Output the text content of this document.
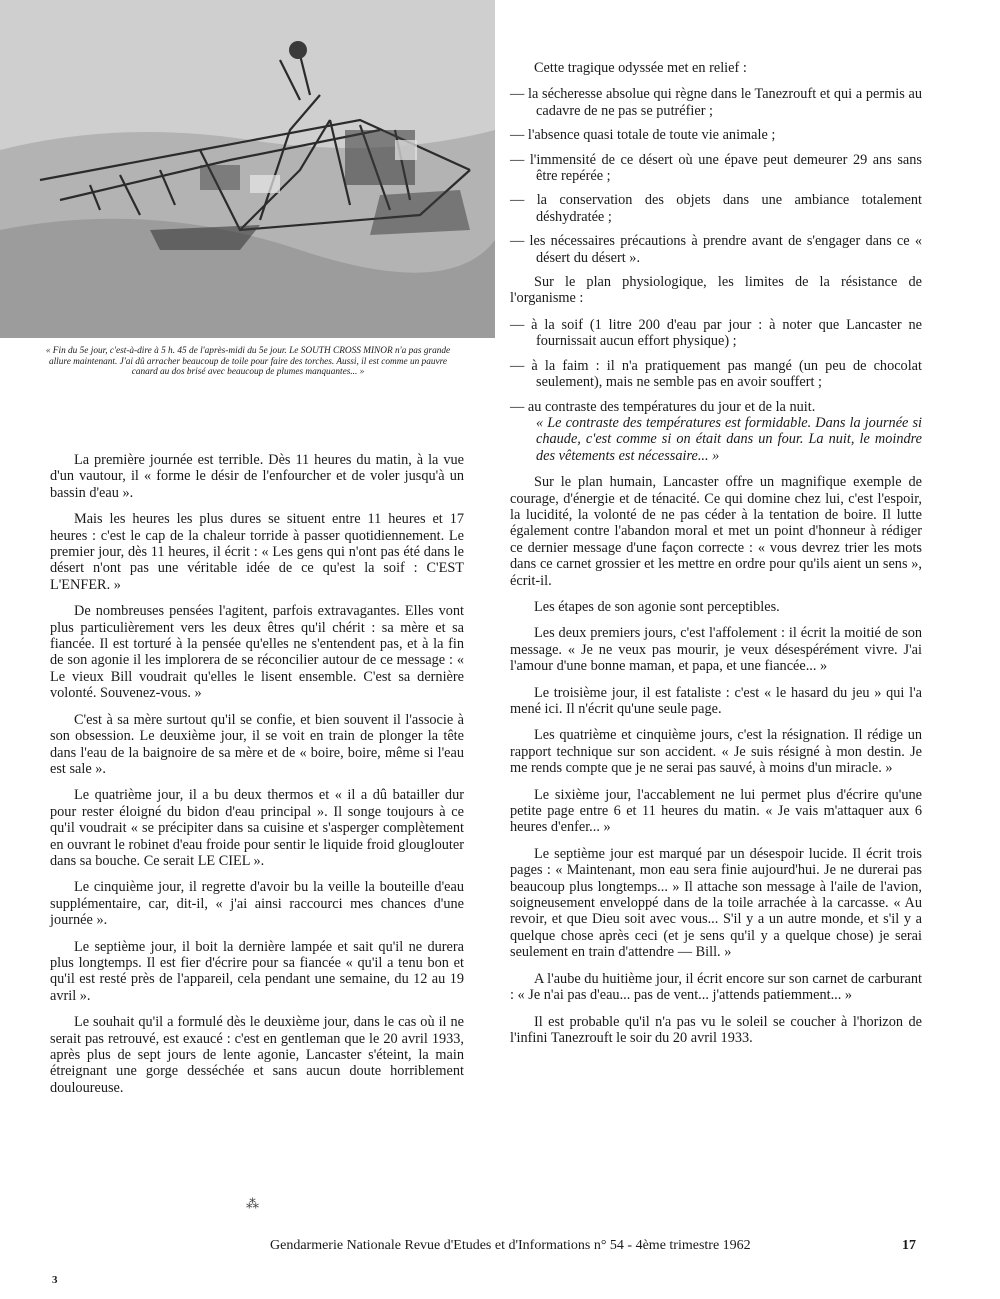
« Fin du 5e jour, c'est-à-dire à 5 h. 45 de l'après-midi du 5e jour. Le SOUTH CROSS MINOR n'a pas grande allure maintenant. J'ai dû arracher beaucoup de toile pour faire des torches. Aussi, il est comme un pauvre canard au dos brisé avec beaucoup de plumes manquantes... »

La première journée est terrible. Dès 11 heures du matin, à la vue d'un vautour, il « forme le désir de l'enfourcher et de voler jusqu'à un bassin d'eau ».

Mais les heures les plus dures se situent entre 11 heures et 17 heures : c'est le cap de la chaleur torride à passer quotidiennement. Le premier jour, dès 11 heures, il écrit : « Les gens qui n'ont pas été dans le désert n'ont pas une véritable idée de ce qu'est la soif : C'EST L'ENFER. »

De nombreuses pensées l'agitent, parfois extravagantes. Elles vont plus particulièrement vers les deux êtres qu'il chérit : sa mère et sa fiancée. Il est torturé à la pensée qu'elles ne s'entendent pas, et à la fin de son agonie il les implorera de se réconcilier autour de ce message : « Le vieux Bill voudrait qu'elles le lisent ensemble. C'est sa dernière volonté. Souvenez-vous. »

C'est à sa mère surtout qu'il se confie, et bien souvent il l'associe à son obsession. Le deuxième jour, il se voit en train de plonger la tête dans l'eau de la baignoire de sa mère et de « boire, boire, même si l'eau est sale ».

Le quatrième jour, il a bu deux thermos et « il a dû batailler dur pour rester éloigné du bidon d'eau principal ». Il songe toujours à ce qu'il voudrait « se précipiter dans sa cuisine et s'asperger complètement en ouvrant le robinet d'eau froide pour sentir le liquide froid glouglouter dans sa bouche. Ce serait LE CIEL ».

Le cinquième jour, il regrette d'avoir bu la veille la bouteille d'eau supplémentaire, car, dit-il, « j'ai ainsi raccourci mes chances d'une journée ».

Le septième jour, il boit la dernière lampée et sait qu'il ne durera plus longtemps. Il est fier d'écrire pour sa fiancée « qu'il a tenu bon et qu'il est resté près de l'appareil, cela pendant une semaine, du 12 au 19 avril ».

Le souhait qu'il a formulé dès le deuxième jour, dans le cas où il ne serait pas retrouvé, est exaucé : c'est en gentleman que le 20 avril 1933, après plus de sept jours de lente agonie, Lancaster s'éteint, la main étreignant une gorge desséchée et sans aucun doute horriblement douloureuse.

⁂

Cette tragique odyssée met en relief :

— la sécheresse absolue qui règne dans le Tanezrouft et qui a permis au cadavre de ne pas se putréfier ;

— l'absence quasi totale de toute vie animale ;

— l'immensité de ce désert où une épave peut demeurer 29 ans sans être repérée ;

— la conservation des objets dans une ambiance totalement déshydratée ;

— les nécessaires précautions à prendre avant de s'engager dans ce « désert du désert ».

Sur le plan physiologique, les limites de la résistance de l'organisme :

— à la soif (1 litre 200 d'eau par jour : à noter que Lancaster ne fournissait aucun effort physique) ;

— à la faim : il n'a pratiquement pas mangé (un peu de chocolat seulement), mais ne semble pas en avoir souffert ;

— au contraste des températures du jour et de la nuit.

« Le contraste des températures est formidable. Dans la journée si chaude, c'est comme si on était dans un four. La nuit, le moindre des vêtements est nécessaire... »

Sur le plan humain, Lancaster offre un magnifique exemple de courage, d'énergie et de ténacité. Ce qui domine chez lui, c'est l'espoir, la lucidité, la volonté de ne pas céder à la tentation de boire. Il lutte également contre l'abandon moral et met un point d'honneur à rédiger ce dernier message d'une façon correcte : « vous devrez trier les mots dans ce carnet grossier et les mettre en ordre pour qu'ils aient un sens », écrit-il.

Les étapes de son agonie sont perceptibles.

Les deux premiers jours, c'est l'affolement : il écrit la moitié de son message. « Je ne veux pas mourir, je veux désespérément vivre. J'ai l'amour d'une bonne maman, et papa, et une fiancée... »

Le troisième jour, il est fataliste : c'est « le hasard du jeu » qui l'a mené ici. Il n'écrit qu'une seule page.

Les quatrième et cinquième jours, c'est la résignation. Il rédige un rapport technique sur son accident. « Je suis résigné à mon destin. Je me rends compte que je ne serai pas sauvé, à moins d'un miracle. »

Le sixième jour, l'accablement ne lui permet plus d'écrire qu'une petite page entre 6 et 11 heures du matin. « Je vais m'attaquer aux 6 heures d'enfer... »

Le septième jour est marqué par un désespoir lucide. Il écrit trois pages : « Maintenant, mon eau sera finie aujourd'hui. Je ne durerai pas beaucoup plus longtemps... » Il attache son message à l'aile de l'avion, soigneusement enveloppé dans de la toile arrachée à la carcasse. « Au revoir, et que Dieu soit avec vous... S'il y a un autre monde, et s'il y a quelque chose après ceci (et je sens qu'il y a quelque chose) je serai seulement en train d'attendre — Bill. »

A l'aube du huitième jour, il écrit encore sur son carnet de carburant : « Je n'ai pas d'eau... pas de vent... j'attends patiemment... »

Il est probable qu'il n'a pas vu le soleil se coucher à l'horizon de l'infini Tanezrouft le soir du 20 avril 1933.

Gendarmerie Nationale Revue d'Etudes et d'Informations n° 54 - 4ème trimestre 1962	17
3
